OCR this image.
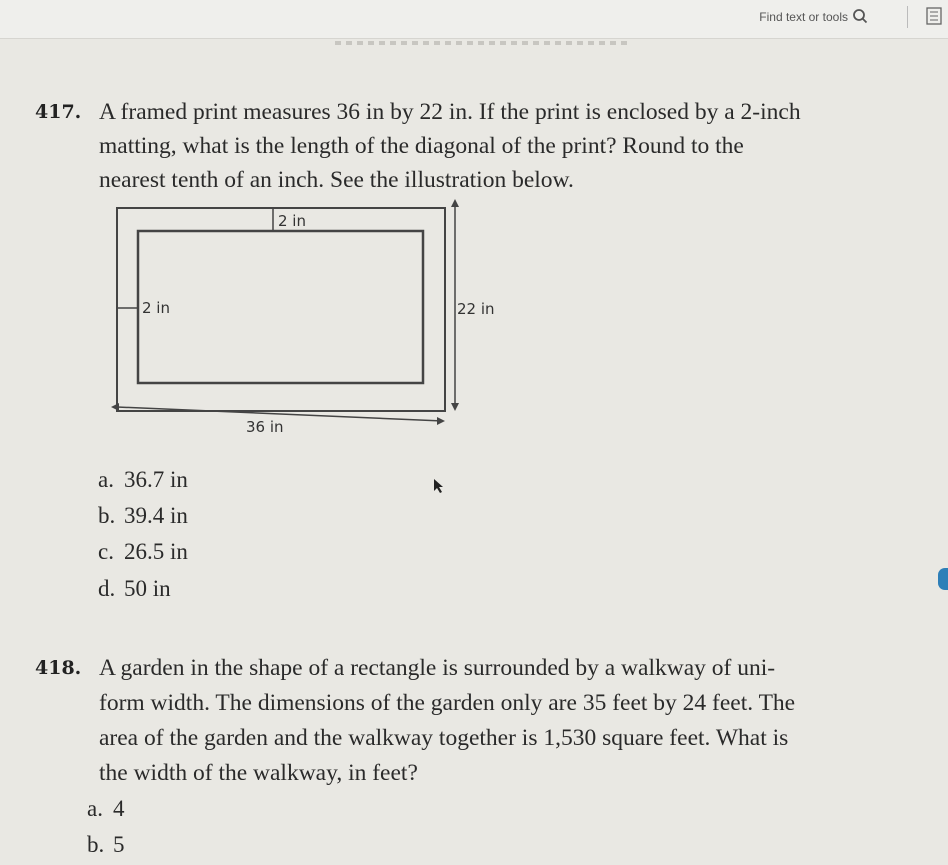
Find text or tools
417. A framed print measures 36 in by 22 in. If the print is enclosed by a 2-inch
matting, what is the length of the diagonal of the print? Round to the
nearest tenth of an inch. See the illustration below.
2 in
2 in	22 in
36 in
a. 36.7 in
b. 39.4 in
c. 26.5 in
d. 50 in
418. A garden in the shape of a rectangle is surrounded by a walkway of uni-
form width. The dimensions of the garden only are 35 feet by 24 feet. The
area of the garden and the walkway together is 1,530 square feet. What is
the width of the walkway, in feet?
a. 4
b. 5
